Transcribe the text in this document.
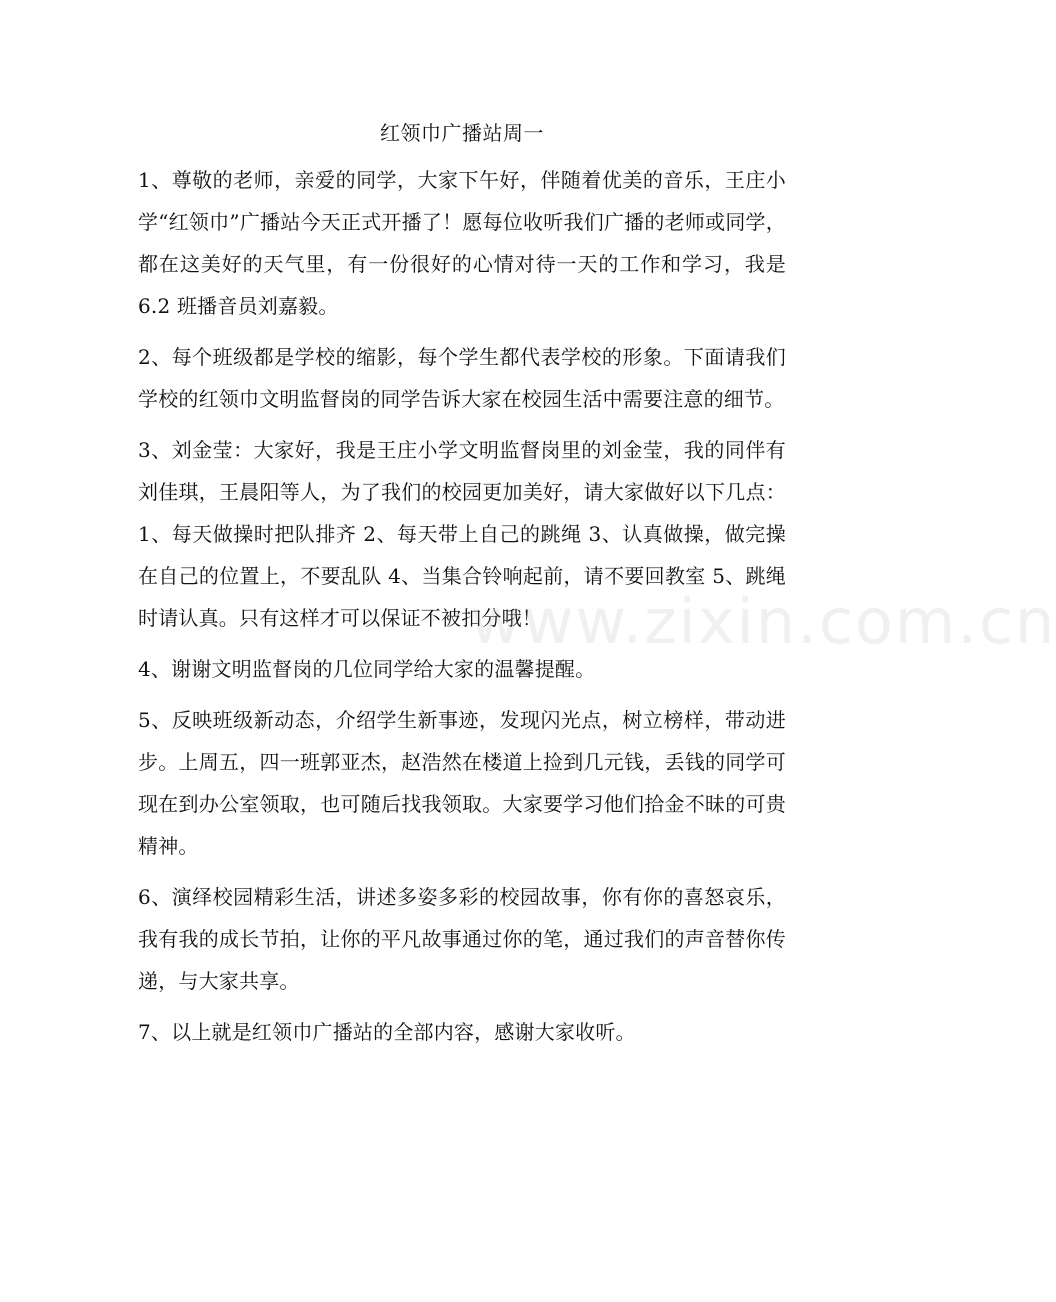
红领巾广播站周一

1、尊敬的老师，亲爱的同学，大家下午好，伴随着优美的音乐，王庄小学“红领巾”广播站今天正式开播了！愿每位收听我们广播的老师或同学，都在这美好的天气里，有一份很好的心情对待一天的工作和学习，我是 6.2 班播音员刘嘉毅。

2、每个班级都是学校的缩影，每个学生都代表学校的形象。下面请我们学校的红领巾文明监督岗的同学告诉大家在校园生活中需要注意的细节。

3、刘金莹：大家好，我是王庄小学文明监督岗里的刘金莹，我的同伴有刘佳琪，王晨阳等人，为了我们的校园更加美好，请大家做好以下几点：1、每天做操时把队排齐 2、每天带上自己的跳绳 3、认真做操，做完操在自己的位置上，不要乱队 4、当集合铃响起前，请不要回教室 5、跳绳时请认真。只有这样才可以保证不被扣分哦！

4、谢谢文明监督岗的几位同学给大家的温馨提醒。

5、反映班级新动态，介绍学生新事迹，发现闪光点，树立榜样，带动进步。上周五，四一班郭亚杰，赵浩然在楼道上捡到几元钱，丢钱的同学可现在到办公室领取，也可随后找我领取。大家要学习他们拾金不昧的可贵精神。

6、演绎校园精彩生活，讲述多姿多彩的校园故事，你有你的喜怒哀乐，我有我的成长节拍，让你的平凡故事通过你的笔，通过我们的声音替你传递，与大家共享。

7、以上就是红领巾广播站的全部内容，感谢大家收听。

www.zixin.com.cn
